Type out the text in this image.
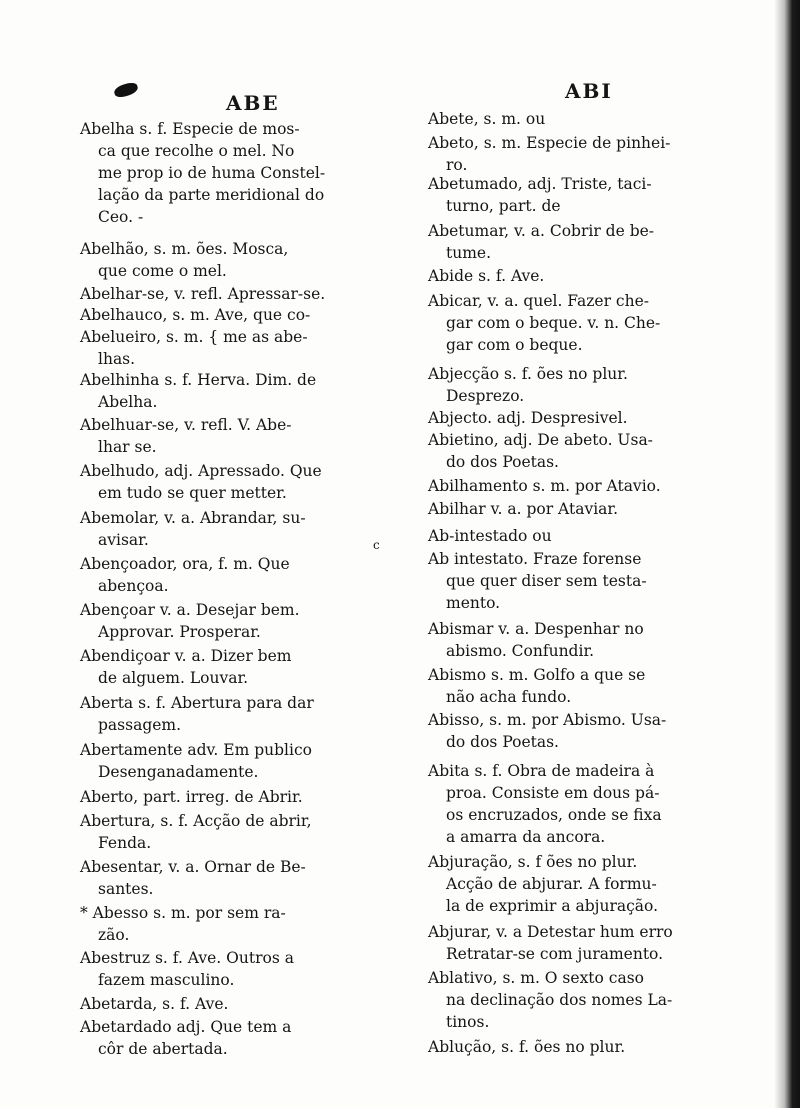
ABE	ABI
c
Abelha s. f. Especie de mos-
ca que recolhe o mel. No
me prop io de huma Constel-
lação da parte meridional do
Ceo. -
Abelhão, s. m. ões. Mosca,
que come o mel.
Abelhar-se, v. refl. Apressar-se.
Abelhauco, s. m. Ave, que co-
Abelueiro, s. m. { me as abe-
lhas.
Abelhinha s. f. Herva. Dim. de
Abelha.
Abelhuar-se, v. refl. V. Abe-
lhar se.
Abelhudo, adj. Apressado. Que
em tudo se quer metter.
Abemolar, v. a. Abrandar, su-
avisar.
Abençoador, ora, f. m. Que
abençoa.
Abençoar v. a. Desejar bem.
Approvar. Prosperar.
Abendiçoar v. a. Dizer bem
de alguem. Louvar.
Aberta s. f. Abertura para dar
passagem.
Abertamente adv. Em publico
Desenganadamente.
Aberto, part. irreg. de Abrir.
Abertura, s. f. Acção de abrir,
Fenda.
Abesentar, v. a. Ornar de Be-
santes.
* Abesso s. m. por sem ra-
zão.
Abestruz s. f. Ave. Outros a
fazem masculino.
Abetarda, s. f. Ave.
Abetardado adj. Que tem a
côr de abertada.
Abete, s. m. ou
Abeto, s. m. Especie de pinhei-
ro.
Abetumado, adj. Triste, taci-
turno, part. de
Abetumar, v. a. Cobrir de be-
tume.
Abide s. f. Ave.
Abicar, v. a. quel. Fazer che-
gar com o beque. v. n. Che-
gar com o beque.
Abjecção s. f. ões no plur.
Desprezo.
Abjecto. adj. Despresivel.
Abietino, adj. De abeto. Usa-
do dos Poetas.
Abilhamento s. m. por Atavio.
Abilhar v. a. por Ataviar.
Ab-intestado ou
Ab intestato. Fraze forense
que quer diser sem testa-
mento.
Abismar v. a. Despenhar no
abismo. Confundir.
Abismo s. m. Golfo a que se
não acha fundo.
Abisso, s. m. por Abismo. Usa-
do dos Poetas.
Abita s. f. Obra de madeira à
proa. Consiste em dous pá-
os encruzados, onde se fixa
a amarra da ancora.
Abjuração, s. f ões no plur.
Acção de abjurar. A formu-
la de exprimir a abjuração.
Abjurar, v. a Detestar hum erro
Retratar-se com juramento.
Ablativo, s. m. O sexto caso
na declinação dos nomes La-
tinos.
Ablução, s. f. ões no plur.
